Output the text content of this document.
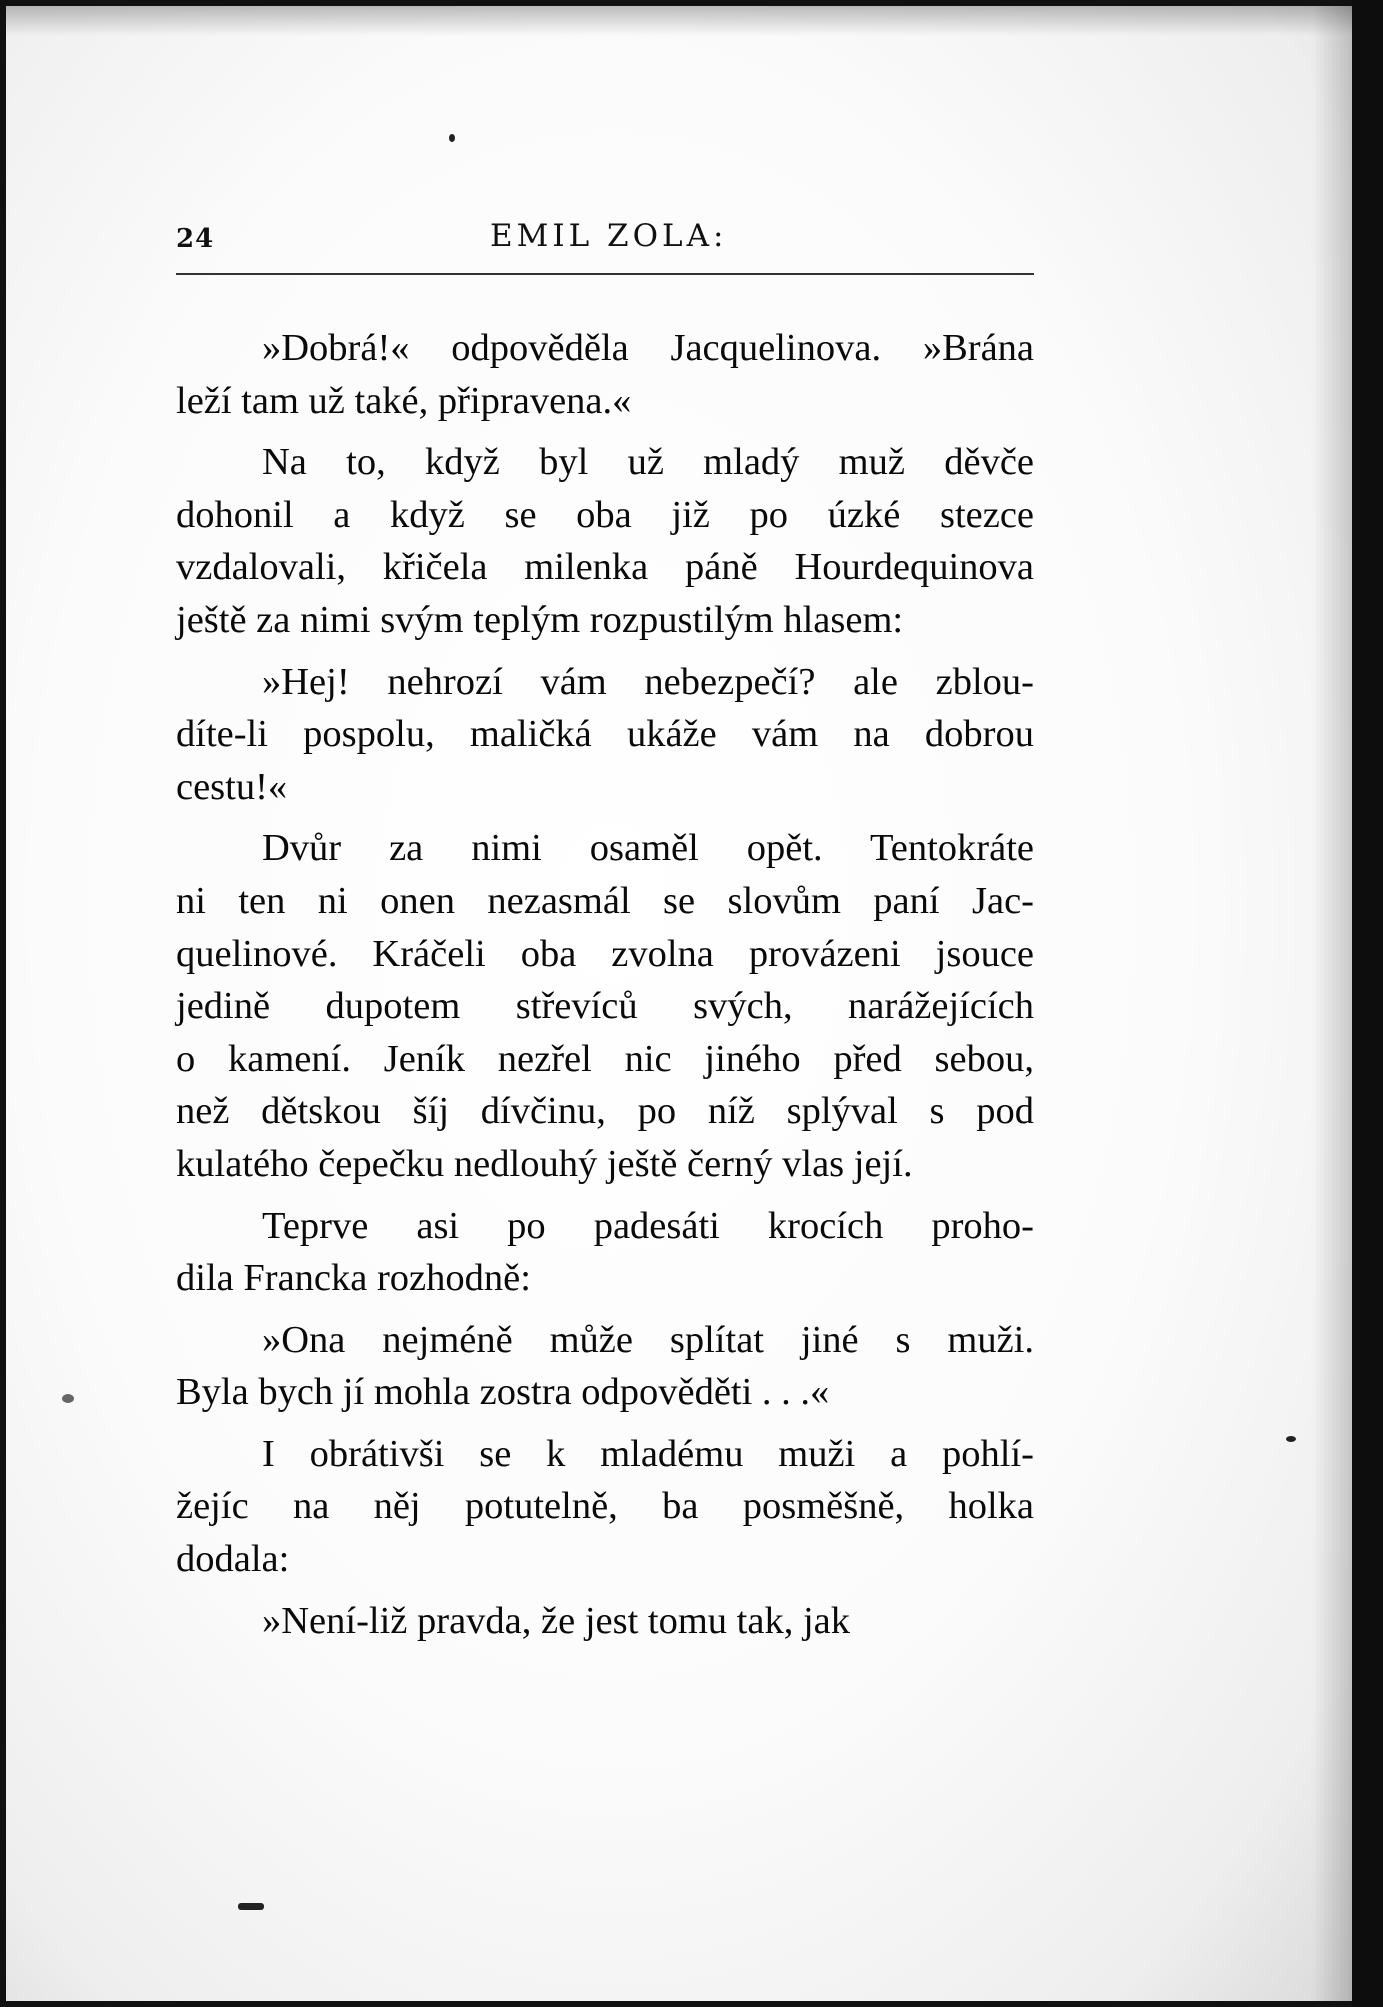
24	EMIL ZOLA:
»Dobrá!« odpověděla Jacquelinova. »Brána
leží tam už také, připravena.«
Na to, když byl už mladý muž děvče
dohonil a když se oba již po úzké stezce
vzdalovali, křičela milenka páně Hourdequinova
ještě za nimi svým teplým rozpustilým hlasem:
»Hej! nehrozí vám nebezpečí? ale zblou-
díte-li pospolu, maličká ukáže vám na dobrou
cestu!«
Dvůr za nimi osaměl opět. Tentokráte
ni ten ni onen nezasmál se slovům paní Jac-
quelinové. Kráčeli oba zvolna provázeni jsouce
jedině dupotem střevíců svých, narážejících
o kamení. Jeník nezřel nic jiného před sebou,
než dětskou šíj dívčinu, po níž splýval s pod
kulatého čepečku nedlouhý ještě černý vlas její.
Teprve asi po padesáti krocích proho-
dila Francka rozhodně:
»Ona nejméně může splítat jiné s muži.
Byla bych jí mohla zostra odpověděti . . .«
I obrátivši se k mladému muži a pohlí-
žejíc na něj potutelně, ba posměšně, holka
dodala:
»Není-liž pravda, že jest tomu tak, jak
